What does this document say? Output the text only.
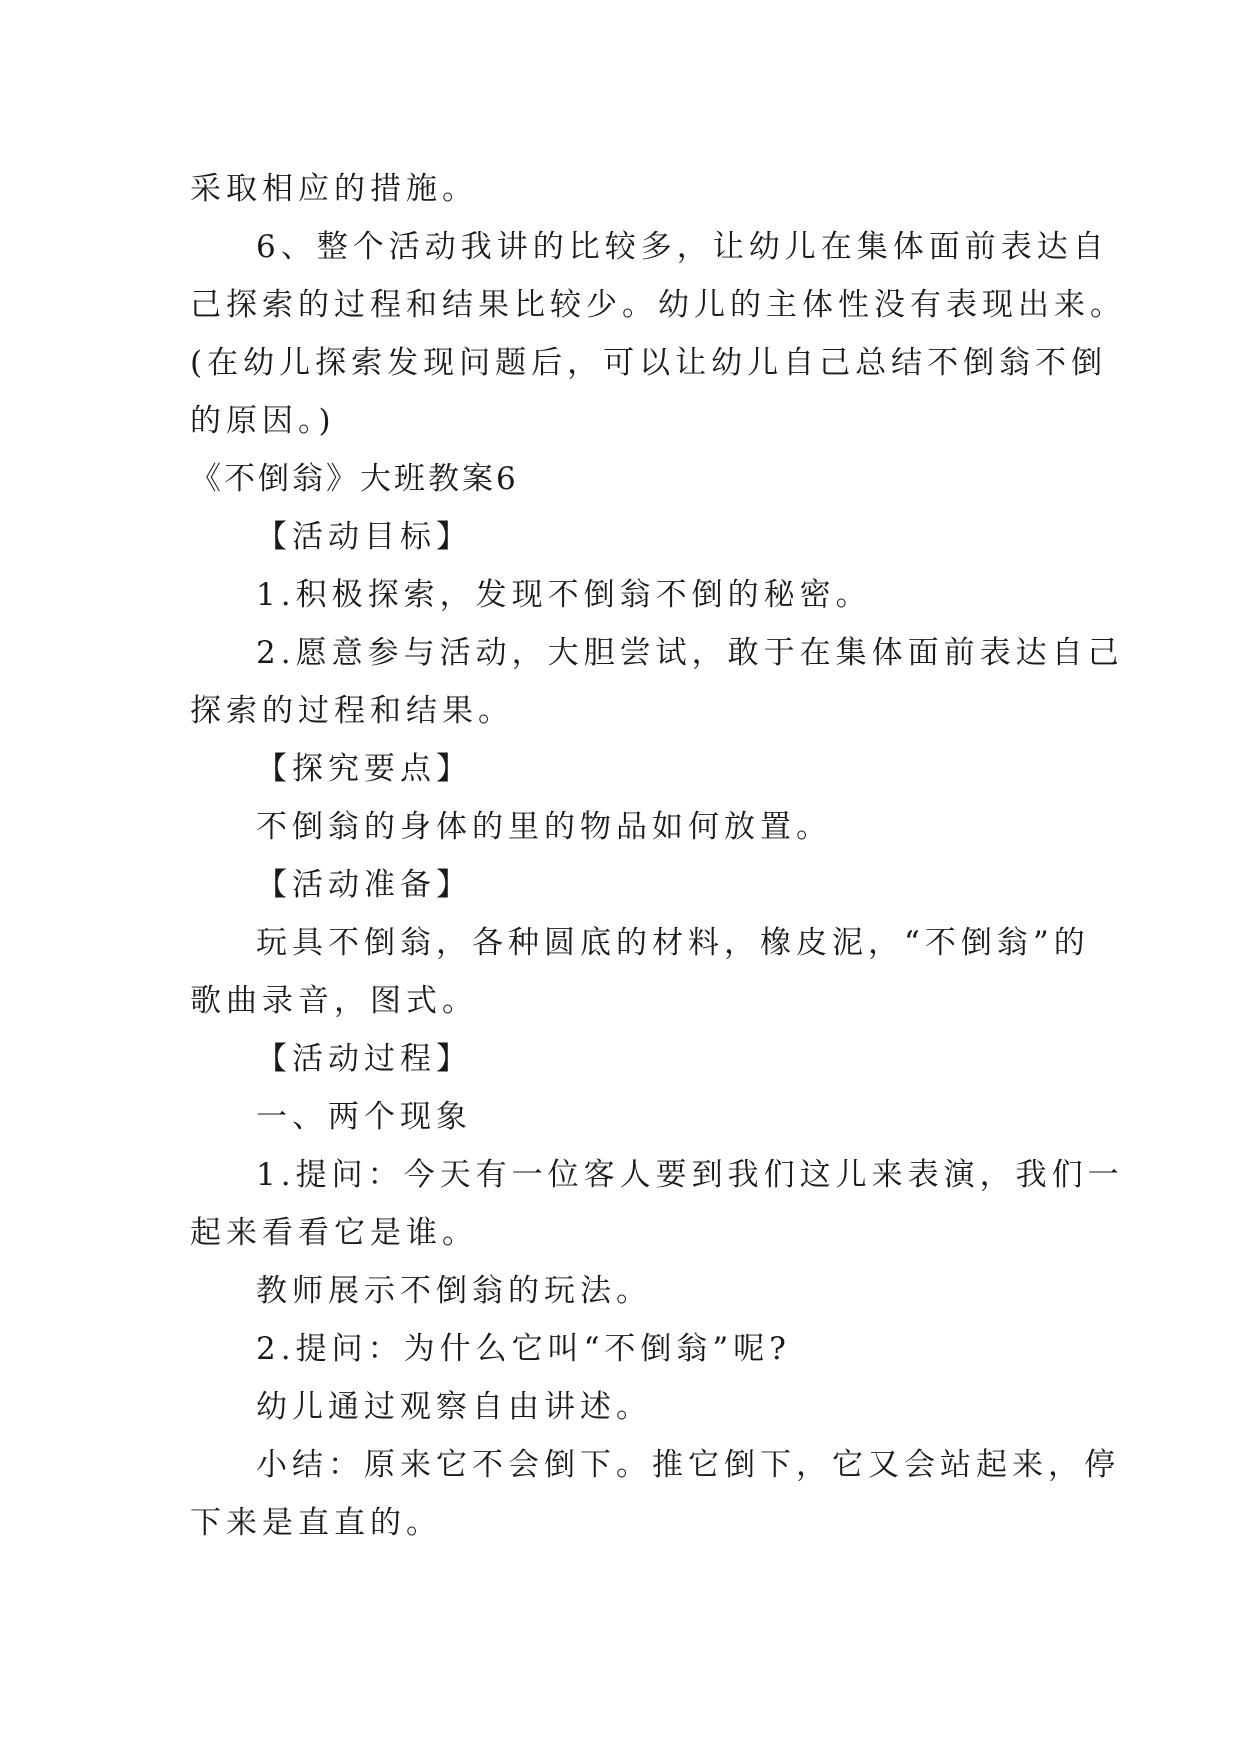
采取相应的措施。
6、整个活动我讲的比较多，让幼儿在集体面前表达自
己探索的过程和结果比较少。幼儿的主体性没有表现出来。
(在幼儿探索发现问题后，可以让幼儿自己总结不倒翁不倒
的原因。)
《不倒翁》大班教案6
【活动目标】
1.积极探索，发现不倒翁不倒的秘密。
2.愿意参与活动，大胆尝试，敢于在集体面前表达自己
探索的过程和结果。
【探究要点】
不倒翁的身体的里的物品如何放置。
【活动准备】
玩具不倒翁，各种圆底的材料，橡皮泥，“不倒翁”的
歌曲录音，图式。
【活动过程】
一、两个现象
1.提问：今天有一位客人要到我们这儿来表演，我们一
起来看看它是谁。
教师展示不倒翁的玩法。
2.提问：为什么它叫“不倒翁”呢?
幼儿通过观察自由讲述。
小结：原来它不会倒下。推它倒下，它又会站起来，停
下来是直直的。
